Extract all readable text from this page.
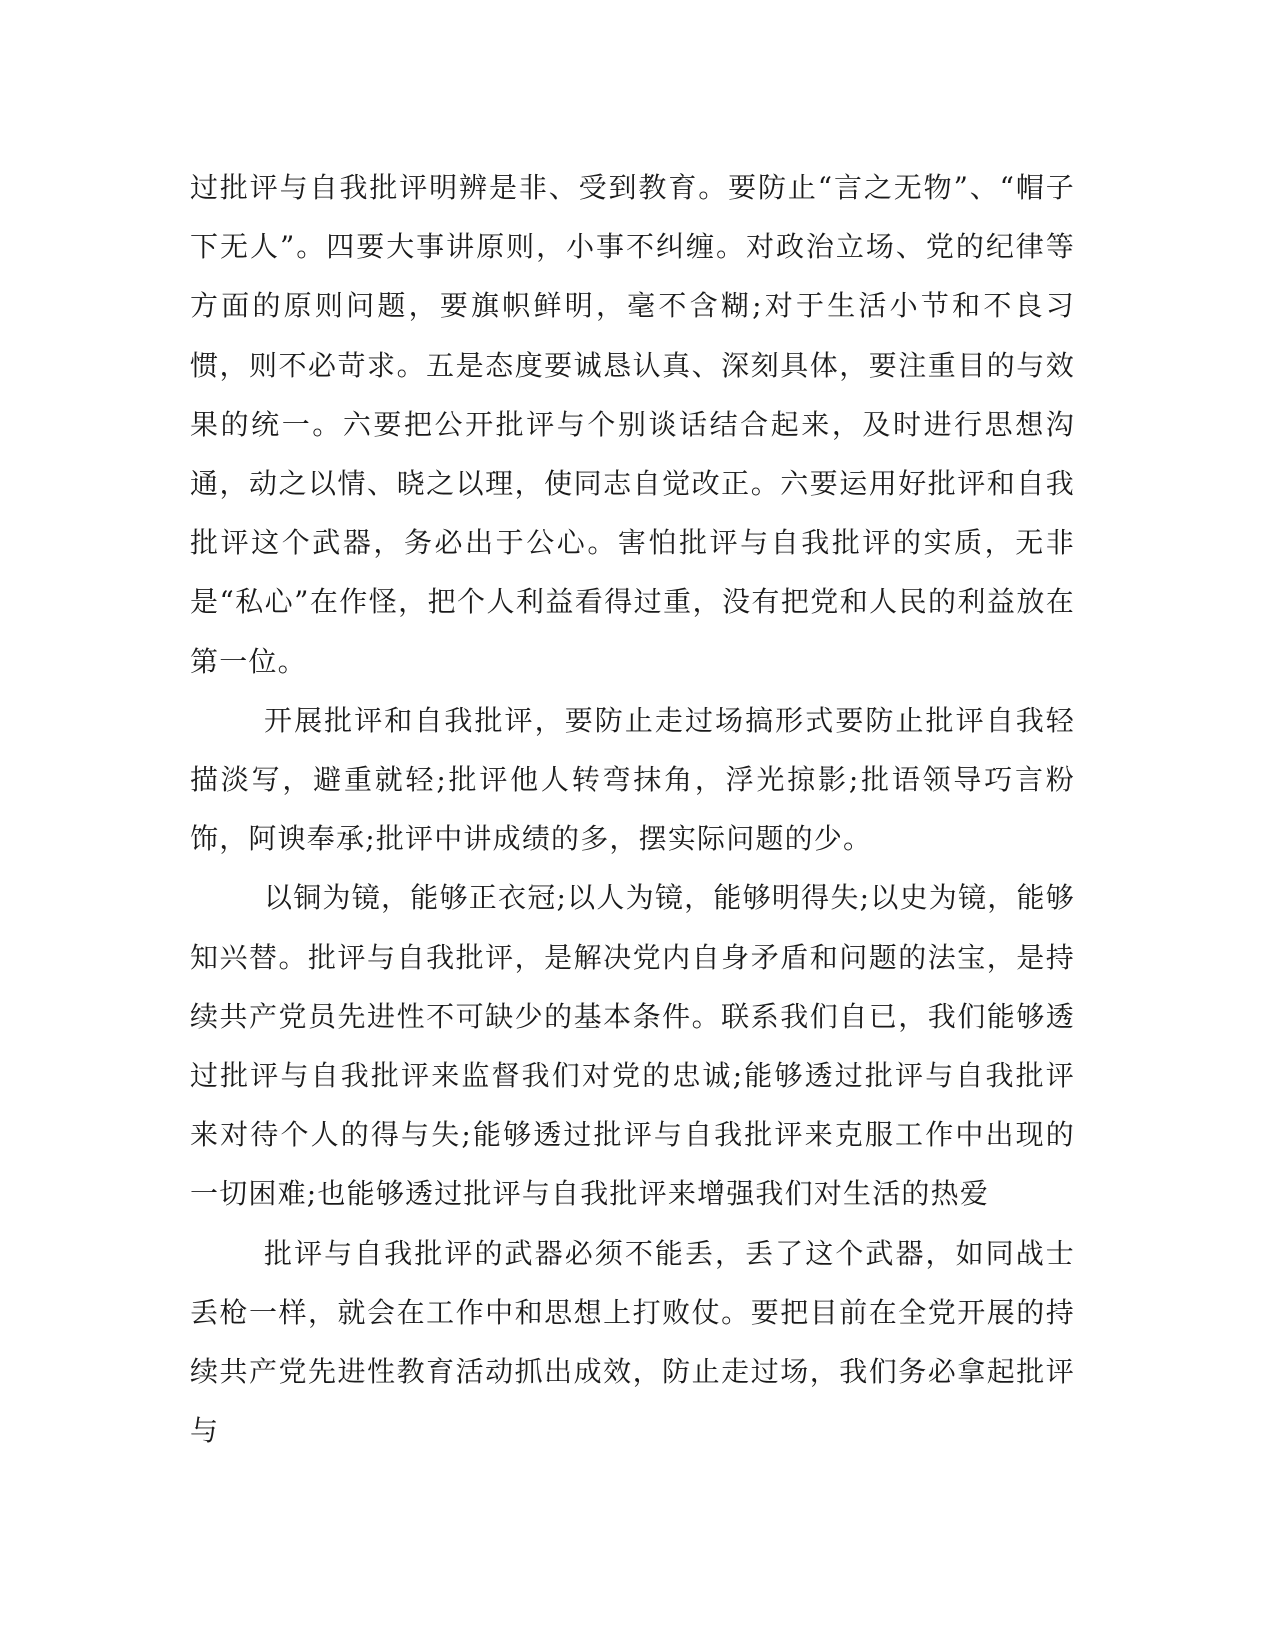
过批评与自我批评明辨是非、受到教育。要防止“言之无物”、“帽子下无人”。四要大事讲原则，小事不纠缠。对政治立场、党的纪律等方面的原则问题，要旗帜鲜明，毫不含糊;对于生活小节和不良习惯，则不必苛求。五是态度要诚恳认真、深刻具体，要注重目的与效果的统一。六要把公开批评与个别谈话结合起来，及时进行思想沟通，动之以情、晓之以理，使同志自觉改正。六要运用好批评和自我批评这个武器，务必出于公心。害怕批评与自我批评的实质，无非是“私心”在作怪，把个人利益看得过重，没有把党和人民的利益放在第一位。

开展批评和自我批评，要防止走过场搞形式要防止批评自我轻描淡写，避重就轻;批评他人转弯抹角，浮光掠影;批语领导巧言粉饰，阿谀奉承;批评中讲成绩的多，摆实际问题的少。

以铜为镜，能够正衣冠;以人为镜，能够明得失;以史为镜，能够知兴替。批评与自我批评，是解决党内自身矛盾和问题的法宝，是持续共产党员先进性不可缺少的基本条件。联系我们自已，我们能够透过批评与自我批评来监督我们对党的忠诚;能够透过批评与自我批评来对待个人的得与失;能够透过批评与自我批评来克服工作中出现的一切困难;也能够透过批评与自我批评来增强我们对生活的热爱

批评与自我批评的武器必须不能丢，丢了这个武器，如同战士丢枪一样，就会在工作中和思想上打败仗。要把目前在全党开展的持续共产党先进性教育活动抓出成效，防止走过场，我们务必拿起批评与
